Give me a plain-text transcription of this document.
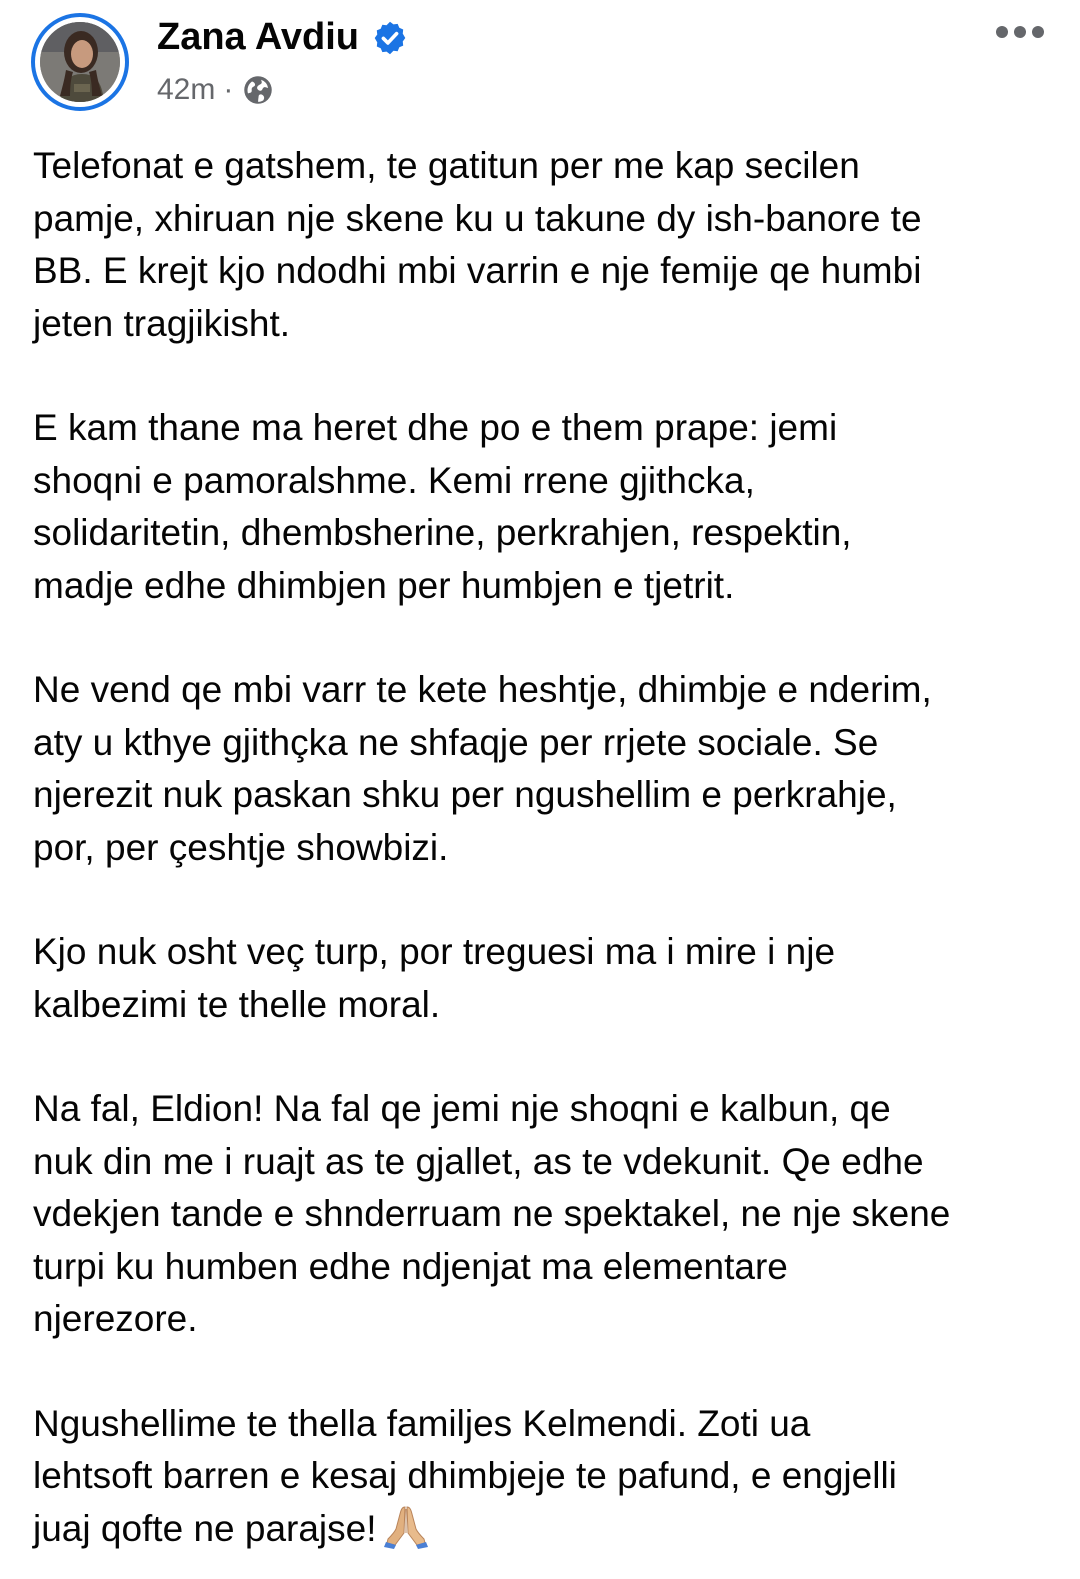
Zana Avdiu
42m ·

Telefonat e gatshem, te gatitun per me kap secilen
pamje, xhiruan nje skene ku u takune dy ish-banore te
BB. E krejt kjo ndodhi mbi varrin e nje femije qe humbi
jeten tragjikisht.

E kam thane ma heret dhe po e them prape: jemi
shoqni e pamoralshme. Kemi rrene gjithcka,
solidaritetin, dhembsherine, perkrahjen, respektin,
madje edhe dhimbjen per humbjen e tjetrit.

Ne vend qe mbi varr te kete heshtje, dhimbje e nderim,
aty u kthye gjithçka ne shfaqje per rrjete sociale. Se
njerezit nuk paskan shku per ngushellim e perkrahje,
por, per çeshtje showbizi.

Kjo nuk osht veç turp, por treguesi ma i mire i nje
kalbezimi te thelle moral.

Na fal, Eldion! Na fal qe jemi nje shoqni e kalbun, qe
nuk din me i ruajt as te gjallet, as te vdekunit. Qe edhe
vdekjen tande e shnderruam ne spektakel, ne nje skene
turpi ku humben edhe ndjenjat ma elementare
njerezore.

Ngushellime te thella familjes Kelmendi. Zoti ua
lehtsoft barren e kesaj dhimbjeje te pafund, e engjelli
juaj qofte ne parajse!
